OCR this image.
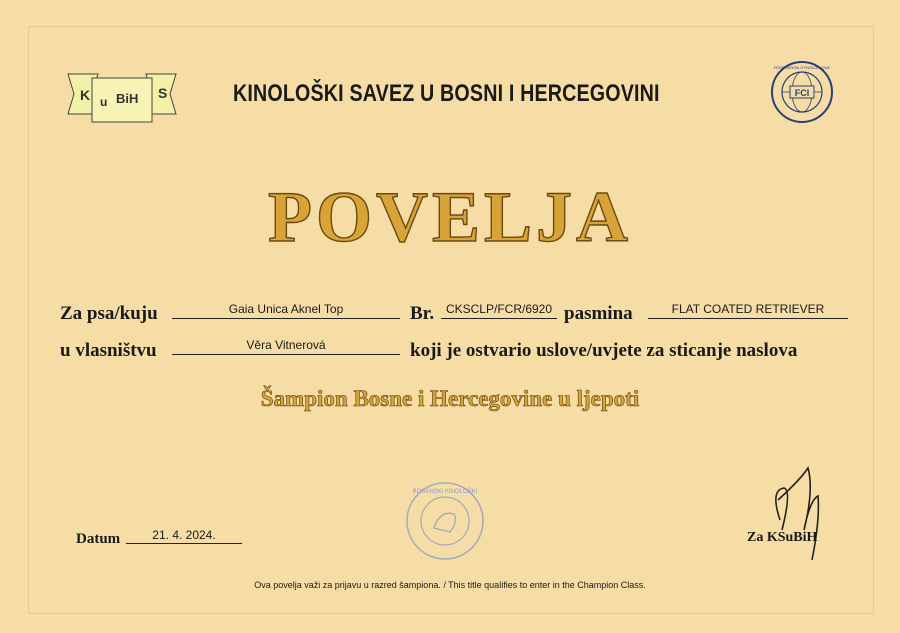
K u BiH S	KINOLOŠKI SAVEZ U BOSNI I HERCEGOVINI	FCI
FEDERATION CYNOLOGIQUE
POVELJA
Za psa/kuju	Gaia Unica Aknel Top	Br. CKSCLP/FCR/6920 pasmina	FLAT COATED RETRIEVER
u vlasništvu	Věra Vitnerová	koji je ostvario uslove/uvjete za sticanje naslova
Šampion Bosne i Hercegovine u ljepoti
BOSANSKI KINOLOŠKI
Datum	21. 4. 2024.	Za KSuBiH
Ova povelja važi za prijavu u razred šampiona. / This title qualifies to enter in the Champion Class.
